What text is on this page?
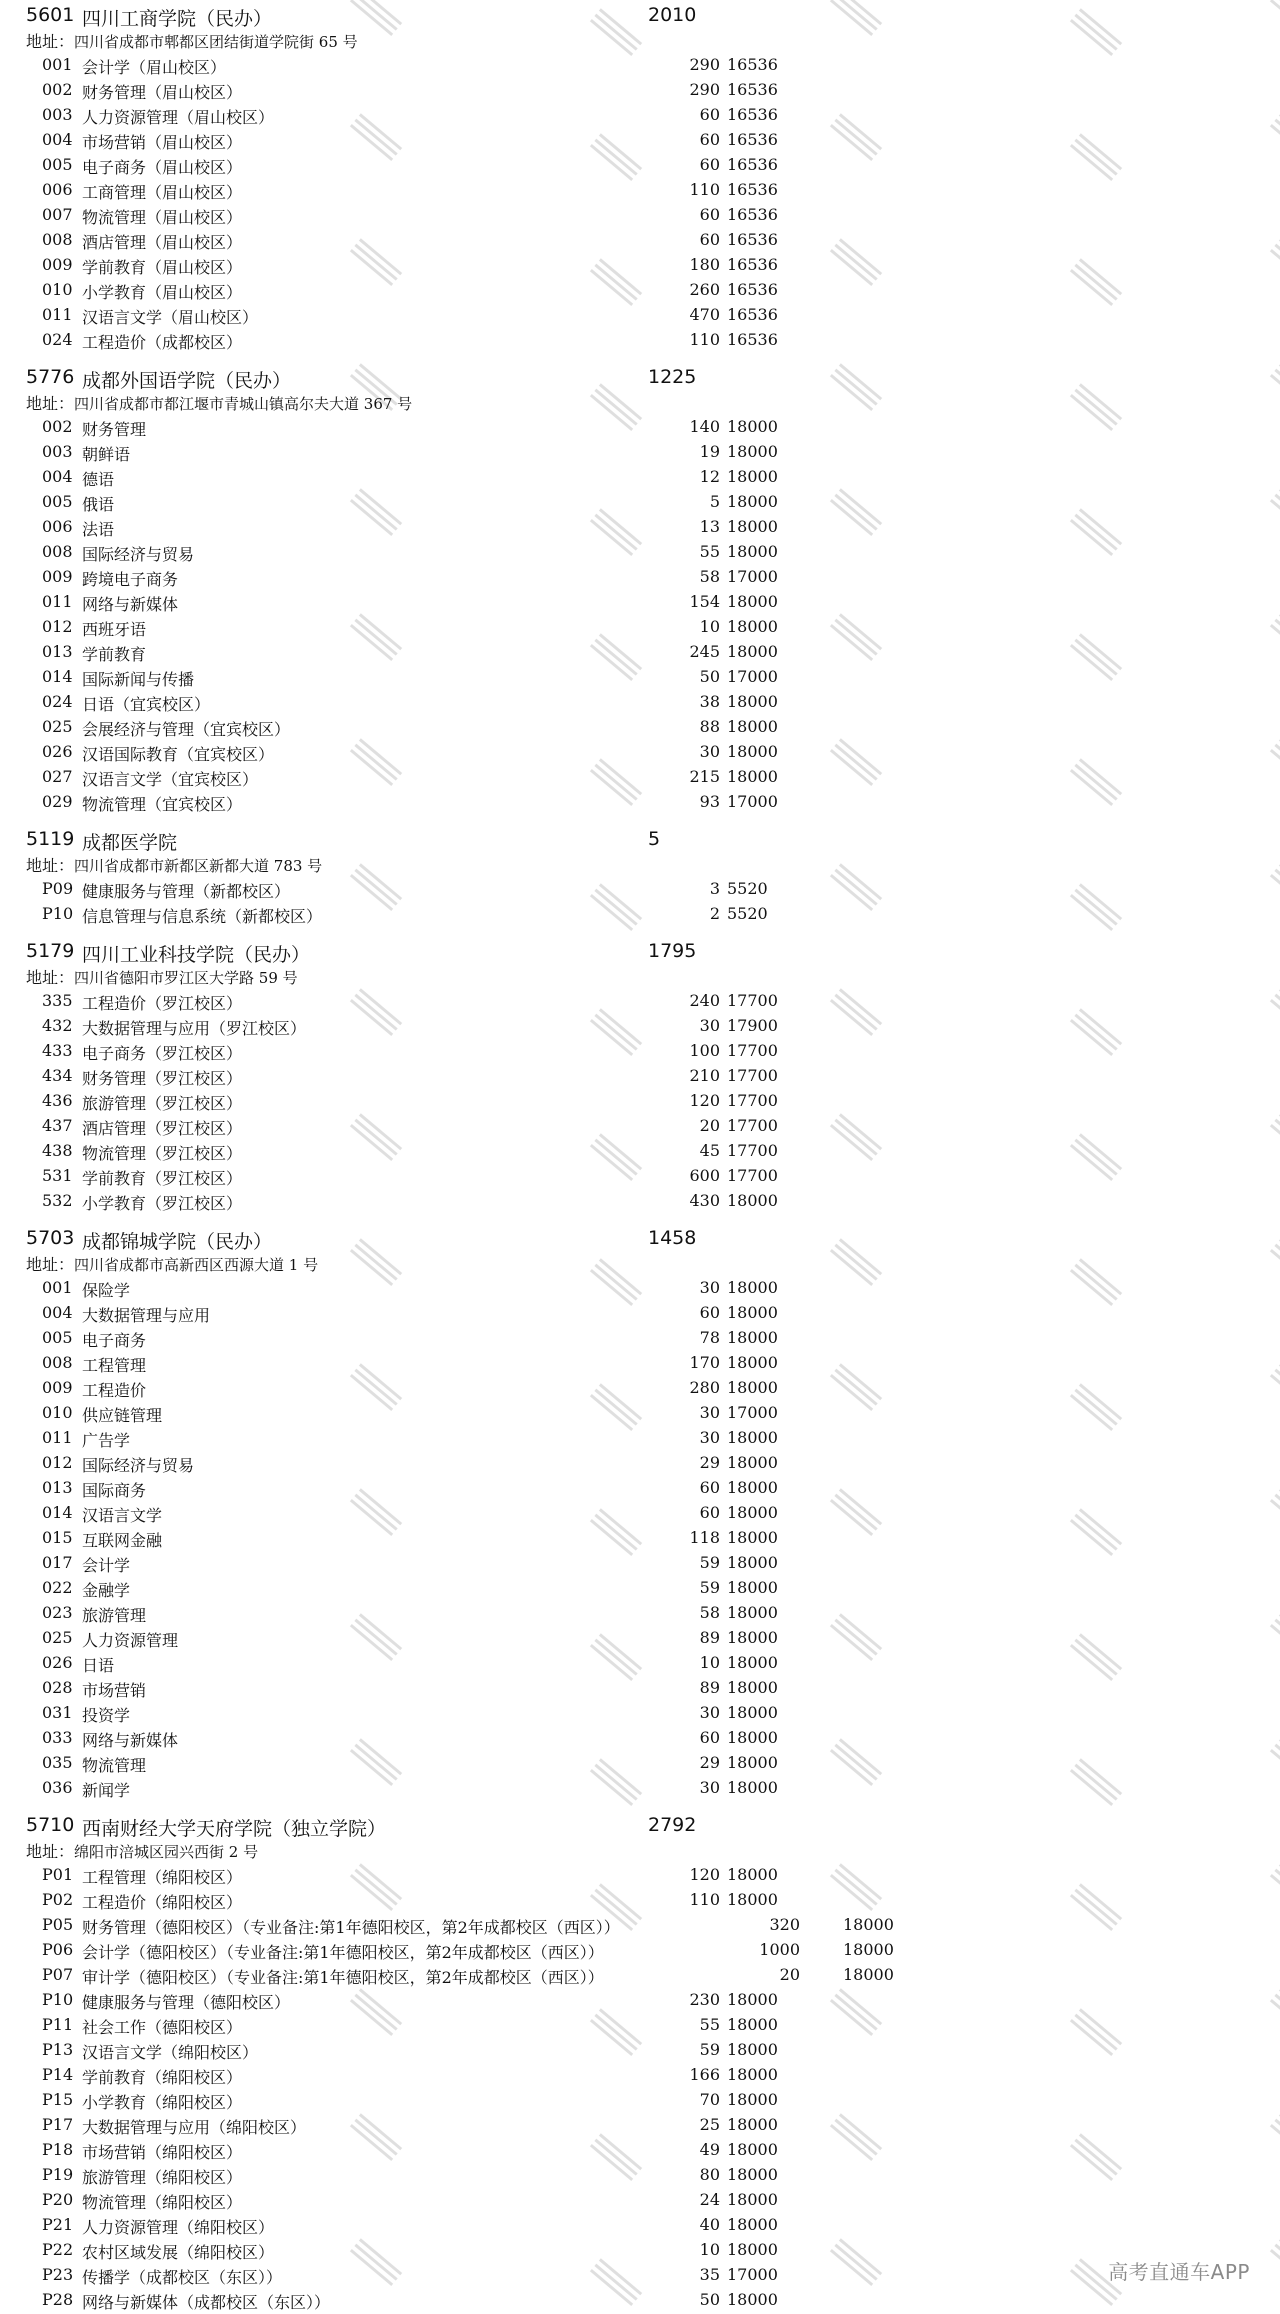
5601 四川工商学院（民办）	2010
地址：四川省成都市郫都区团结街道学院街 65 号
001 会计学（眉山校区）	290 16536
002 财务管理（眉山校区）	290 16536
003 人力资源管理（眉山校区）	60 16536
004 市场营销（眉山校区）	60 16536
005 电子商务（眉山校区）	60 16536
006 工商管理（眉山校区）	110 16536
007 物流管理（眉山校区）	60 16536
008 酒店管理（眉山校区）	60 16536
009 学前教育（眉山校区）	180 16536
010 小学教育（眉山校区）	260 16536
011 汉语言文学（眉山校区）	470 16536
024 工程造价（成都校区）	110 16536
5776 成都外国语学院（民办）	1225
地址：四川省成都市都江堰市青城山镇高尔夫大道 367 号
002 财务管理	140 18000
003 朝鲜语	19 18000
004 德语	12 18000
005 俄语	5 18000
006 法语	13 18000
008 国际经济与贸易	55 18000
009 跨境电子商务	58 17000
011 网络与新媒体	154 18000
012 西班牙语	10 18000
013 学前教育	245 18000
014 国际新闻与传播	50 17000
024 日语（宜宾校区）	38 18000
025 会展经济与管理（宜宾校区）	88 18000
026 汉语国际教育（宜宾校区）	30 18000
027 汉语言文学（宜宾校区）	215 18000
029 物流管理（宜宾校区）	93 17000
5119 成都医学院	5
地址：四川省成都市新都区新都大道 783 号
P09 健康服务与管理（新都校区）	3 5520
P10 信息管理与信息系统（新都校区）	2 5520
5179 四川工业科技学院（民办）	1795
地址：四川省德阳市罗江区大学路 59 号
335 工程造价（罗江校区）	240 17700
432 大数据管理与应用（罗江校区）	30 17900
433 电子商务（罗江校区）	100 17700
434 财务管理（罗江校区）	210 17700
436 旅游管理（罗江校区）	120 17700
437 酒店管理（罗江校区）	20 17700
438 物流管理（罗江校区）	45 17700
531 学前教育（罗江校区）	600 17700
532 小学教育（罗江校区）	430 18000
5703 成都锦城学院（民办）	1458
地址：四川省成都市高新西区西源大道 1 号
001 保险学	30 18000
004 大数据管理与应用	60 18000
005 电子商务	78 18000
008 工程管理	170 18000
009 工程造价	280 18000
010 供应链管理	30 17000
011 广告学	30 18000
012 国际经济与贸易	29 18000
013 国际商务	60 18000
014 汉语言文学	60 18000
015 互联网金融	118 18000
017 会计学	59 18000
022 金融学	59 18000
023 旅游管理	58 18000
025 人力资源管理	89 18000
026 日语	10 18000
028 市场营销	89 18000
031 投资学	30 18000
033 网络与新媒体	60 18000
035 物流管理	29 18000
036 新闻学	30 18000
5710 西南财经大学天府学院（独立学院）	2792
地址：绵阳市涪城区园兴西街 2 号
P01 工程管理（绵阳校区）	120 18000
P02 工程造价（绵阳校区）	110 18000
P05 财务管理（德阳校区）（专业备注:第1年德阳校区，第2年成都校区（西区））	320	18000
P06 会计学（德阳校区）（专业备注:第1年德阳校区，第2年成都校区（西区））	1000	18000
P07 审计学（德阳校区）（专业备注:第1年德阳校区，第2年成都校区（西区））	20	18000
P10 健康服务与管理（德阳校区）	230 18000
P11 社会工作（德阳校区）	55 18000
P13 汉语言文学（绵阳校区）	59 18000
P14 学前教育（绵阳校区）	166 18000
P15 小学教育（绵阳校区）	70 18000
P17 大数据管理与应用（绵阳校区）	25 18000
P18 市场营销（绵阳校区）	49 18000
P19 旅游管理（绵阳校区）	80 18000
P20 物流管理（绵阳校区）	24 18000
P21 人力资源管理（绵阳校区）	40 18000
P22 农村区域发展（绵阳校区）	10 18000
P23 传播学（成都校区（东区））	35 17000
P28 网络与新媒体（成都校区（东区））	50 18000
高考直通车APP
